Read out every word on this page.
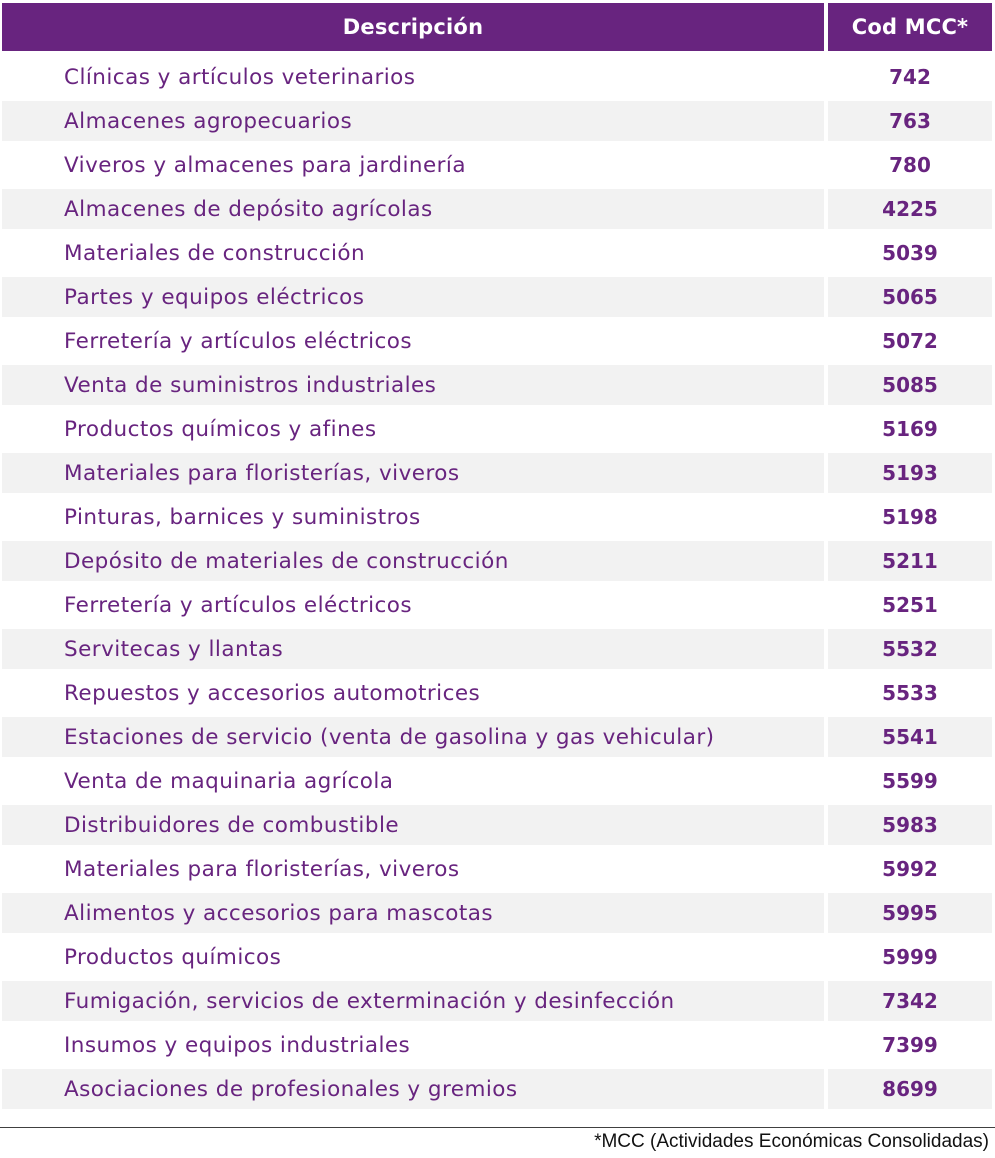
Descripción	Cod MCC*
Clínicas y artículos veterinarios	742
Almacenes agropecuarios	763
Viveros y almacenes para jardinería	780
Almacenes de depósito agrícolas	4225
Materiales de construcción	5039
Partes y equipos eléctricos	5065
Ferretería y artículos eléctricos	5072
Venta de suministros industriales	5085
Productos químicos y afines	5169
Materiales para floristerías, viveros	5193
Pinturas, barnices y suministros	5198
Depósito de materiales de construcción	5211
Ferretería y artículos eléctricos	5251
Servitecas y llantas	5532
Repuestos y accesorios automotrices	5533
Estaciones de servicio (venta de gasolina y gas vehicular)	5541
Venta de maquinaria agrícola	5599
Distribuidores de combustible	5983
Materiales para floristerías, viveros	5992
Alimentos y accesorios para mascotas	5995
Productos químicos	5999
Fumigación, servicios de exterminación y desinfección	7342
Insumos y equipos industriales	7399
Asociaciones de profesionales y gremios	8699
*MCC (Actividades Económicas Consolidadas)
